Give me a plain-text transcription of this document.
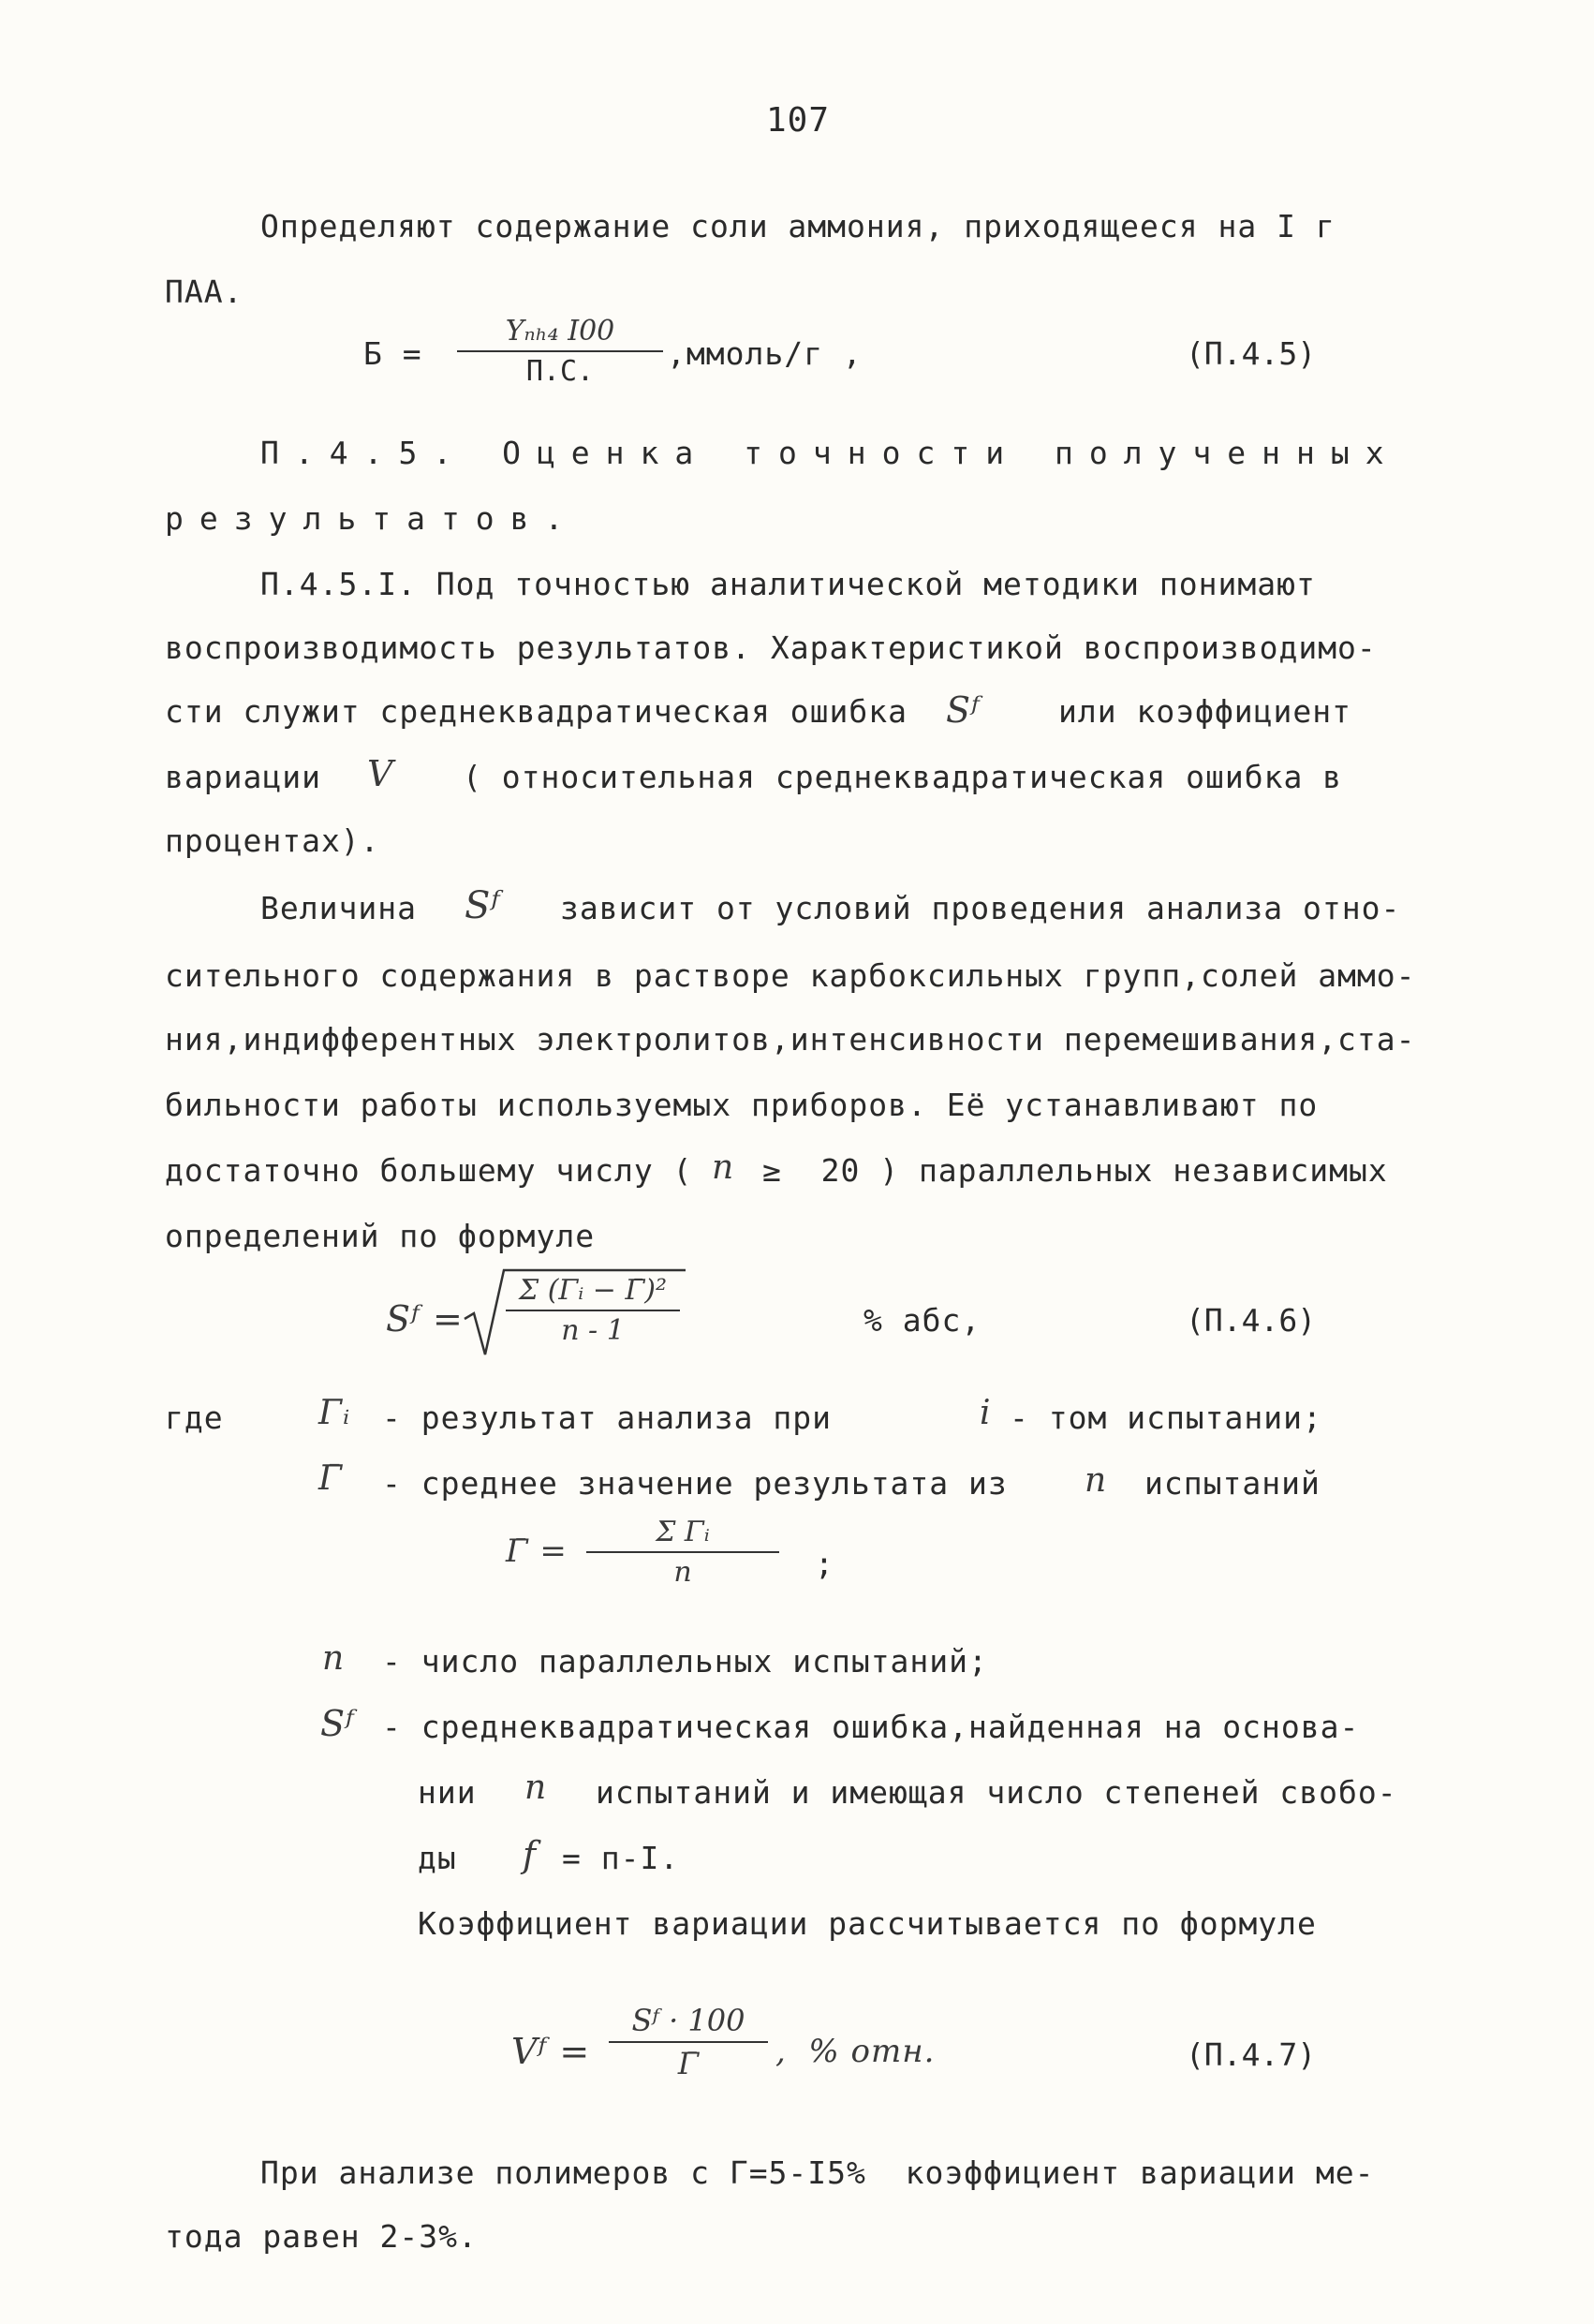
107
Определяют содержание соли аммония, приходящееся на I г
ПАА.
Б =
Yₙₕ₄ I00
П.С.	,ммоль/г ,	(П.4.5)
П.4.5. Оценка точности полученных
результатов.
П.4.5.I. Под точностью аналитической методики понимают
воспроизводимость результатов. Характеристикой воспроизводимо-
сти служит среднеквадратическая ошибка Sᶠ	или коэффициент
вариации V ( относительная среднеквадратическая ошибка в
процентах).
Величина Sᶠ зависит от условий проведения анализа отно-
сительного содержания в растворе карбоксильных групп,солей аммо-
ния,индифферентных электролитов,интенсивности перемешивания,ста-
бильности работы используемых приборов. Её устанавливают по
достаточно большему числу ( n ≥  20 ) параллельных независимых
определений по формуле
Sᶠ =
Σ (Γᵢ − Γ̄)²
n - 1	% абс,	(П.4.6)
где	Γᵢ - результат анализа при	i - том испытании;
Γ̄ - среднее значение результата из n испытаний
Γ̄ =
Σ Γᵢ
n	;
n - число параллельных испытаний;
Sᶠ - среднеквадратическая ошибка,найденная на основа-
нии n испытаний и имеющая число степеней свобо-
ды f = п-I.
Коэффициент вариации рассчитывается по формуле
Vᶠ =
Sᶠ · 100
Γ̄	,  % отн.	(П.4.7)
При анализе полимеров с Г=5-I5%  коэффициент вариации ме-
тода равен 2-3%.
